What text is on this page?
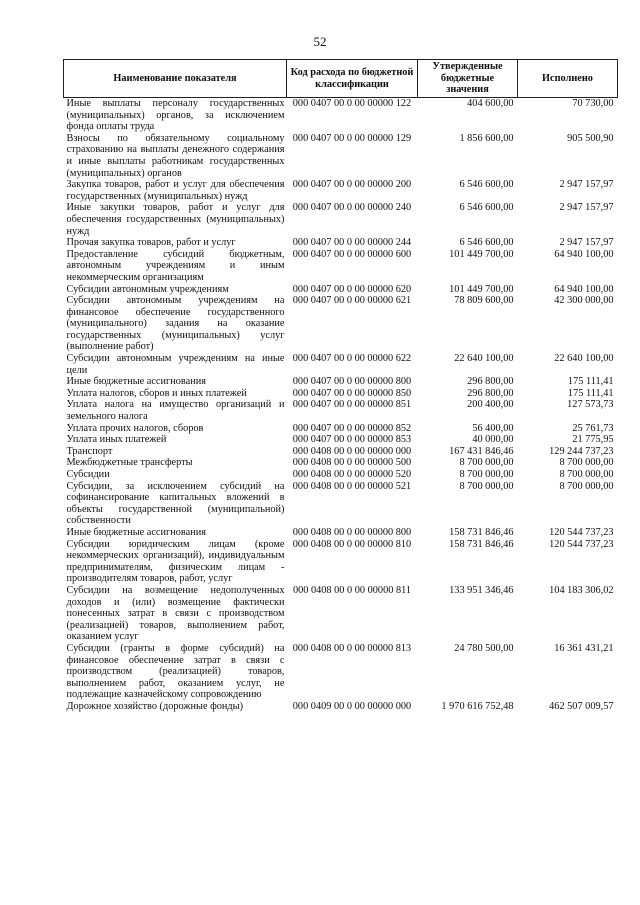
52
Наименование показателя	Код расхода по бюджетной классификации	Утвержденные бюджетные значения	Исполнено
Иные выплаты персоналу государственных (муниципальных) органов, за исключением фонда оплаты труда	000 0407 00 0 00 00000 122	404 600,00	70 730,00
Взносы по обязательному социальному страхованию на выплаты денежного содержания и иные выплаты работникам государственных (муниципальных) органов	000 0407 00 0 00 00000 129	1 856 600,00	905 500,90
Закупка товаров, работ и услуг для обеспечения государственных (муниципальных) нужд	000 0407 00 0 00 00000 200	6 546 600,00	2 947 157,97
Иные закупки товаров, работ и услуг для обеспечения государственных (муниципальных) нужд	000 0407 00 0 00 00000 240	6 546 600,00	2 947 157,97
Прочая закупка товаров, работ и услуг	000 0407 00 0 00 00000 244	6 546 600,00	2 947 157,97
Предоставление субсидий бюджетным, автономным учреждениям и иным некоммерческим организациям	000 0407 00 0 00 00000 600	101 449 700,00	64 940 100,00
Субсидии автономным учреждениям	000 0407 00 0 00 00000 620	101 449 700,00	64 940 100,00
Субсидии автономным учреждениям на финансовое обеспечение государственного (муниципального) задания на оказание государственных (муниципальных) услуг (выполнение работ)	000 0407 00 0 00 00000 621	78 809 600,00	42 300 000,00
Субсидии автономным учреждениям на иные цели	000 0407 00 0 00 00000 622	22 640 100,00	22 640 100,00
Иные бюджетные ассигнования	000 0407 00 0 00 00000 800	296 800,00	175 111,41
Уплата налогов, сборов и иных платежей	000 0407 00 0 00 00000 850	296 800,00	175 111,41
Уплата налога на имущество организаций и земельного налога	000 0407 00 0 00 00000 851	200 400,00	127 573,73
Уплата прочих налогов, сборов	000 0407 00 0 00 00000 852	56 400,00	25 761,73
Уплата иных платежей	000 0407 00 0 00 00000 853	40 000,00	21 775,95
Транспорт	000 0408 00 0 00 00000 000	167 431 846,46	129 244 737,23
Межбюджетные трансферты	000 0408 00 0 00 00000 500	8 700 000,00	8 700 000,00
Субсидии	000 0408 00 0 00 00000 520	8 700 000,00	8 700 000,00
Субсидии, за исключением субсидий на софинансирование капитальных вложений в объекты государственной (муниципальной) собственности	000 0408 00 0 00 00000 521	8 700 000,00	8 700 000,00
Иные бюджетные ассигнования	000 0408 00 0 00 00000 800	158 731 846,46	120 544 737,23
Субсидии юридическим лицам (кроме некоммерческих организаций), индивидуальным предпринимателям, физическим лицам - производителям товаров, работ, услуг	000 0408 00 0 00 00000 810	158 731 846,46	120 544 737,23
Субсидии на возмещение недополученных доходов и (или) возмещение фактически понесенных затрат в связи с производством (реализацией) товаров, выполнением работ, оказанием услуг	000 0408 00 0 00 00000 811	133 951 346,46	104 183 306,02
Субсидии (гранты в форме субсидий) на финансовое обеспечение затрат в связи с производством (реализацией) товаров, выполнением работ, оказанием услуг, не подлежащие казначейскому сопровождению	000 0408 00 0 00 00000 813	24 780 500,00	16 361 431,21
Дорожное хозяйство (дорожные фонды)	000 0409 00 0 00 00000 000	1 970 616 752,48	462 507 009,57
